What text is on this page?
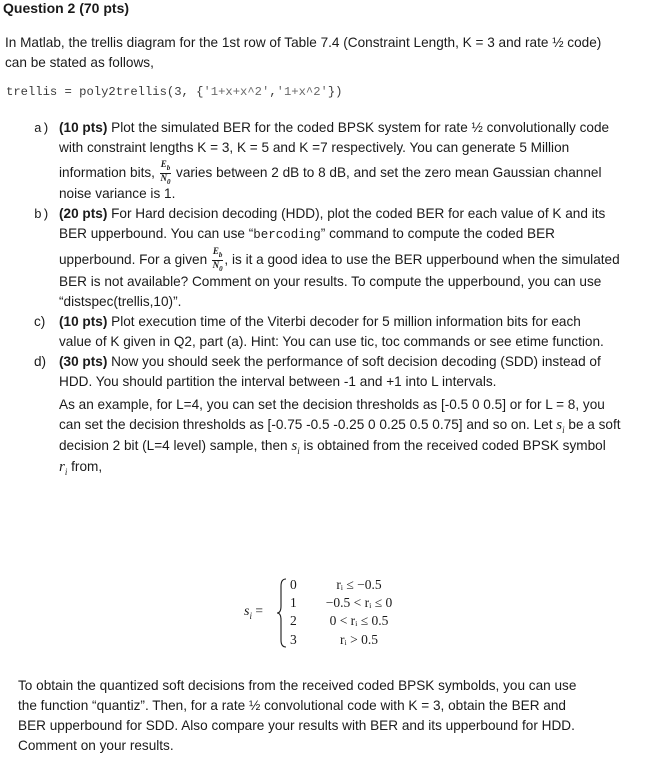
Question 2 (70 pts)
In Matlab, the trellis diagram for the 1st row of Table 7.4 (Constraint Length, K = 3 and rate ½ code)
can be stated as follows,
trellis = poly2trellis(3, {'1+x+x^2','1+x^2'})
a) (10 pts) Plot the simulated BER for the coded BPSK system for rate ½ convolutionally code
with constraint lengths K = 3, K = 5 and K =7 respectively. You can generate 5 Million
information bits, $\frac{E_b}{N_0}$ varies between 2 dB to 8 dB, and set the zero mean Gaussian channel
noise variance is 1.
b) (20 pts) For Hard decision decoding (HDD), plot the coded BER for each value of K and its
BER upperbound. You can use “bercoding” command to compute the coded BER
upperbound. For a given $\frac{E_b}{N_0}$ , is it a good idea to use the BER upperbound when the simulated
BER is not available? Comment on your results. To compute the upperbound, you can use
“distspec(trellis,10)”.
c) (10 pts) Plot execution time of the Viterbi decoder for 5 million information bits for each
value of K given in Q2, part (a). Hint: You can use tic, toc commands or see etime function.
d) (30 pts) Now you should seek the performance of soft decision decoding (SDD) instead of
HDD. You should partition the interval between -1 and +1 into L intervals.
As an example, for L=4, you can set the decision thresholds as [-0.5 0 0.5] or for L = 8, you
can set the decision thresholds as [-0.75 -0.5 -0.25 0 0.25 0.5 0.75] and so on. Let $s_i$ be a soft
decision 2 bit (L=4 level) sample, then $s_i$ is obtained from the received coded BPSK symbol
$r_i$ from,
$s_i$ =
0	rᵢ ≤ −0.5
1 −0.5 < rᵢ ≤ 0
2 0 < rᵢ ≤ 0.5
3	rᵢ > 0.5
To obtain the quantized soft decisions from the received coded BPSK symbolds, you can use
the function “quantiz”. Then, for a rate ½ convolutional code with K = 3, obtain the BER and
BER upperbound for SDD. Also compare your results with BER and its upperbound for HDD.
Comment on your results.
